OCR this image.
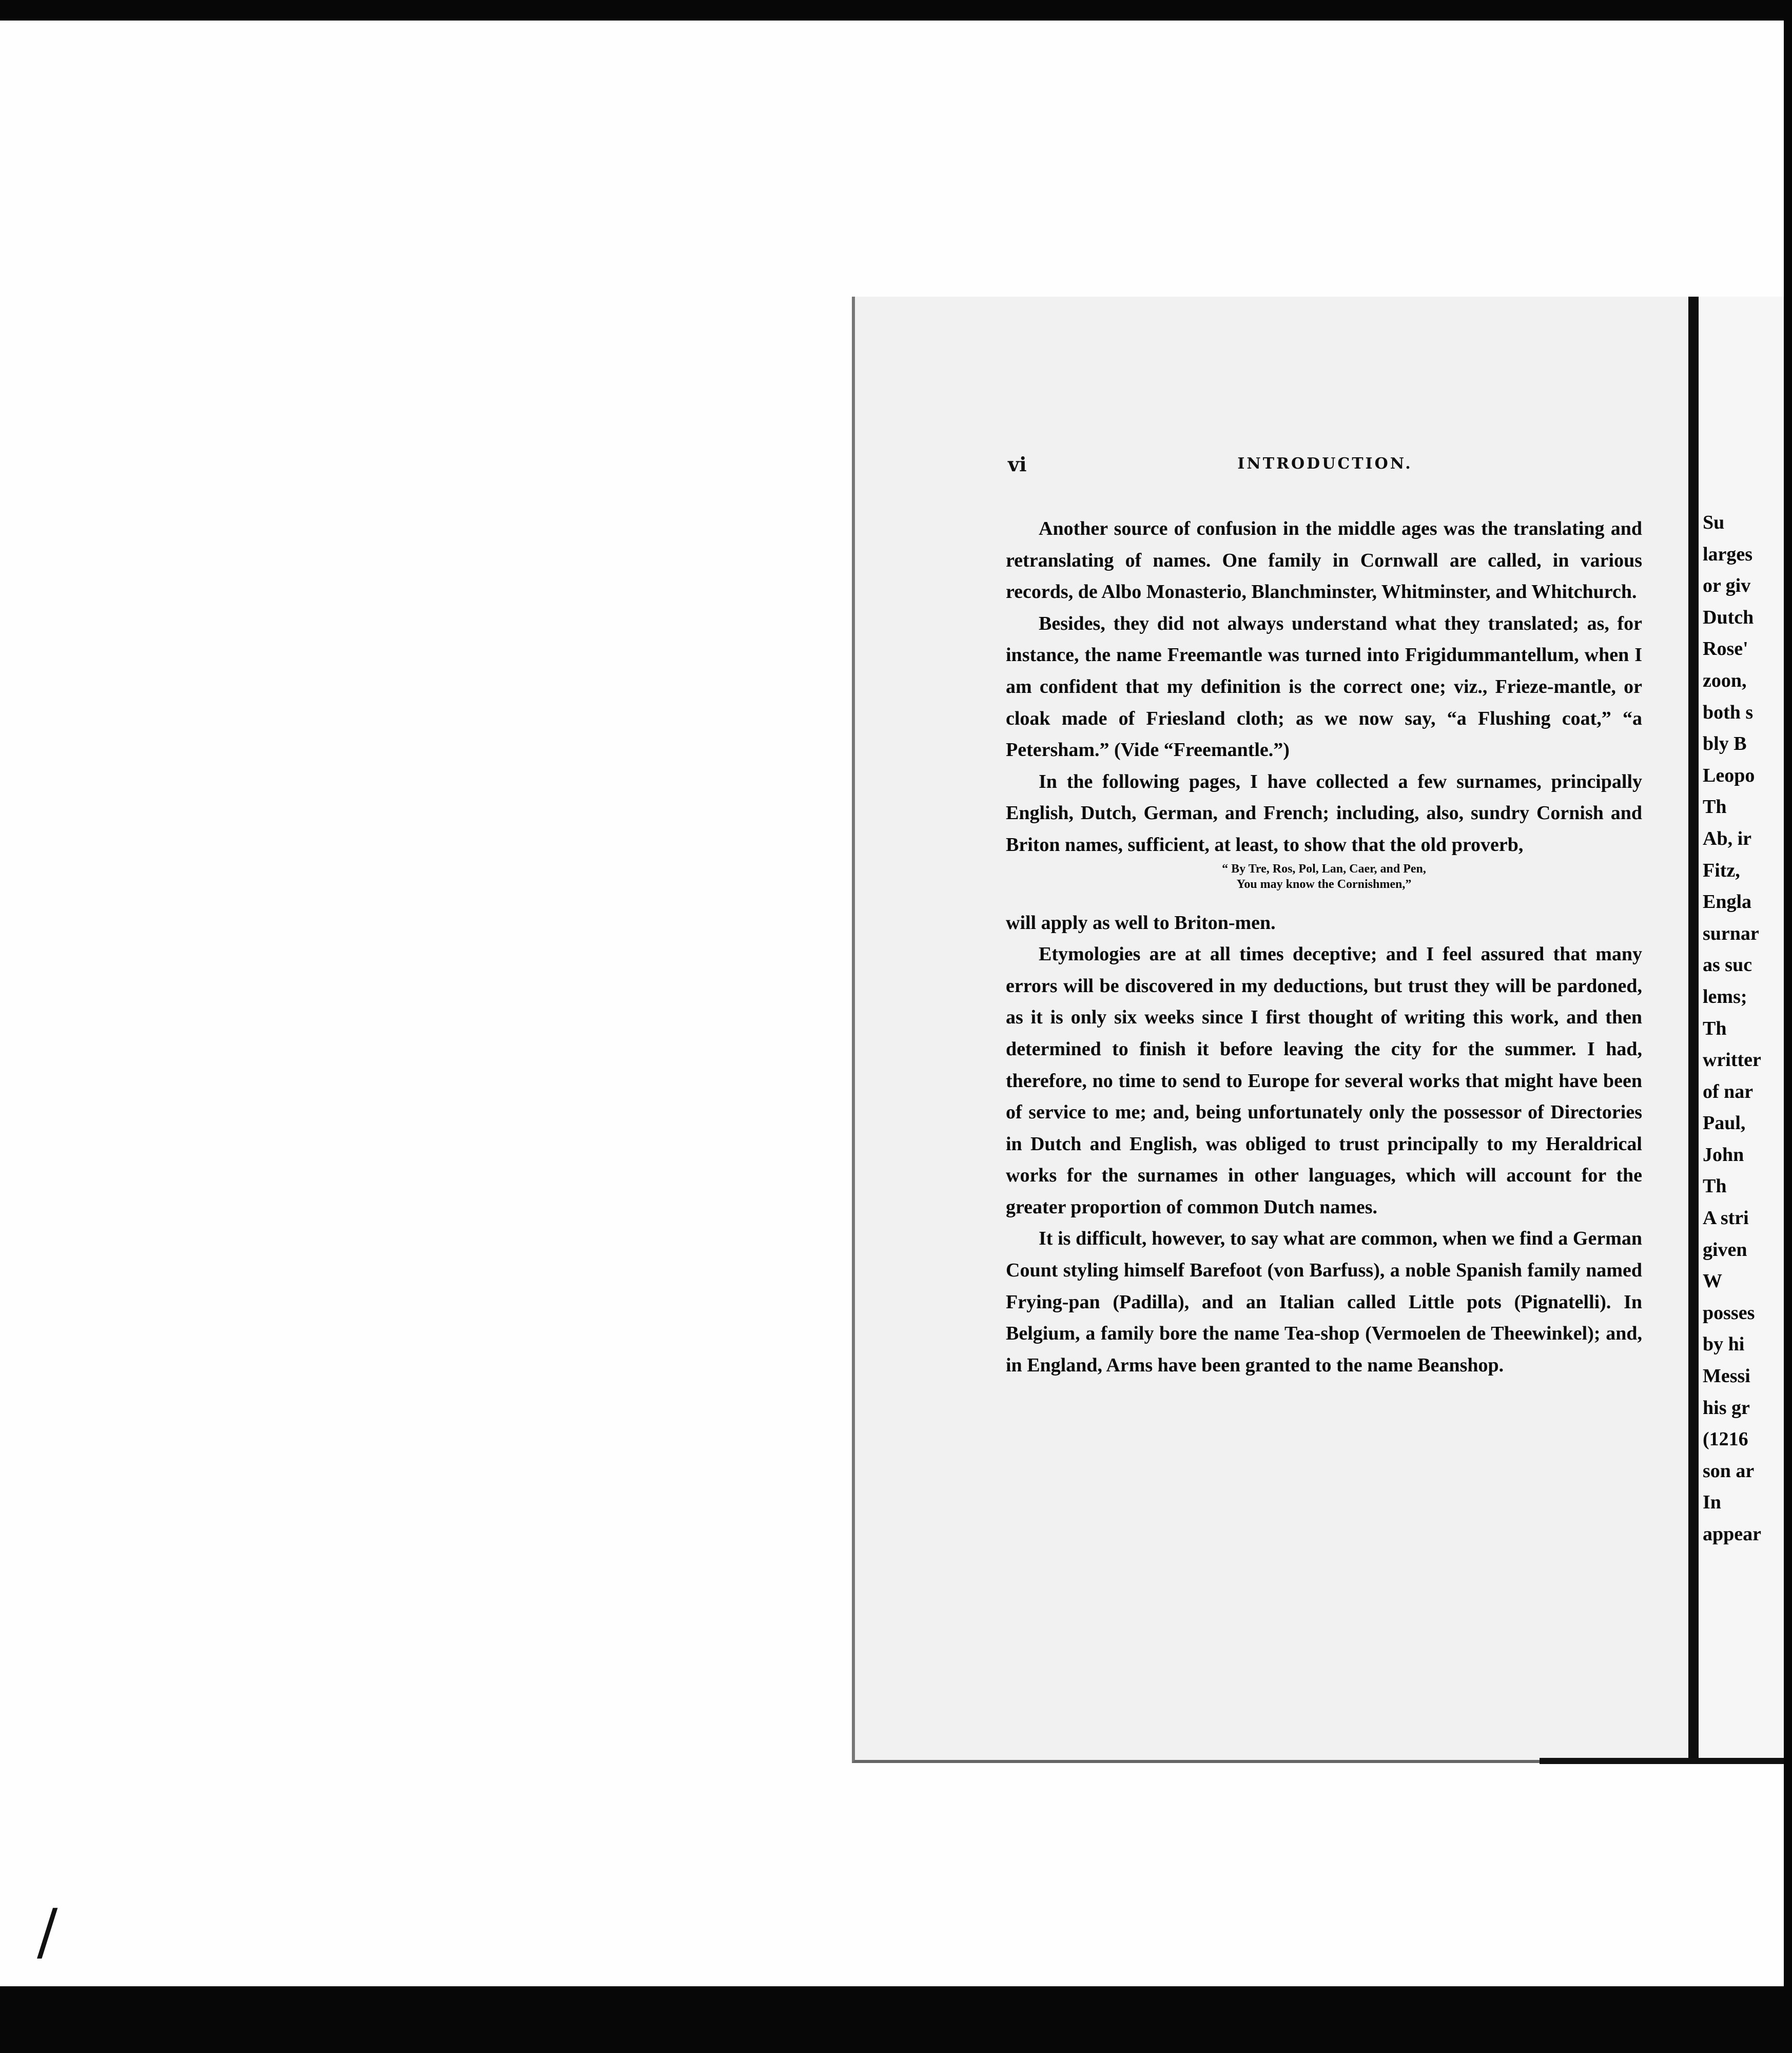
/
vi	INTRODUCTION.

Another source of confusion in the middle ages was the translating and retranslating of names. One family in Cornwall are called, in various records, de Albo Monasterio, Blanchminster, Whitminster, and Whitchurch.

Besides, they did not always understand what they translated; as, for instance, the name Freemantle was turned into Frigidummantellum, when I am confident that my definition is the correct one; viz., Frieze-mantle, or cloak made of Friesland cloth; as we now say, “a Flushing coat,” “a Petersham.” (Vide “Freemantle.”)

In the following pages, I have collected a few surnames, principally English, Dutch, German, and French; including, also, sundry Cornish and Briton names, sufficient, at least, to show that the old proverb,

“ By Tre, Ros, Pol, Lan, Caer, and Pen,
You may know the Cornishmen,”

will apply as well to Briton-men.

Etymologies are at all times deceptive; and I feel assured that many errors will be discovered in my deductions, but trust they will be pardoned, as it is only six weeks since I first thought of writing this work, and then determined to finish it before leaving the city for the summer. I had, therefore, no time to send to Europe for several works that might have been of service to me; and, being unfortunately only the possessor of Directories in Dutch and English, was obliged to trust principally to my Heraldrical works for the surnames in other languages, which will account for the greater proportion of common Dutch names.

It is difficult, however, to say what are common, when we find a German Count styling himself Barefoot (von Barfuss), a noble Spanish family named Frying-pan (Padilla), and an Italian called Little pots (Pignatelli). In Belgium, a family bore the name Tea-shop (Vermoelen de Theewinkel); and, in England, Arms have been granted to the name Beanshop.

Su
larges
or giv
Dutch
Rose'
zoon,
both s
bly B
Leopo
Th
Ab, ir
Fitz,
Engla
surnar
as suc
lems;
Th
writter
of nar
Paul,
John
Th
A stri
given
W
posses
by hi
Messi
his gr
(1216
son ar
In
appear
